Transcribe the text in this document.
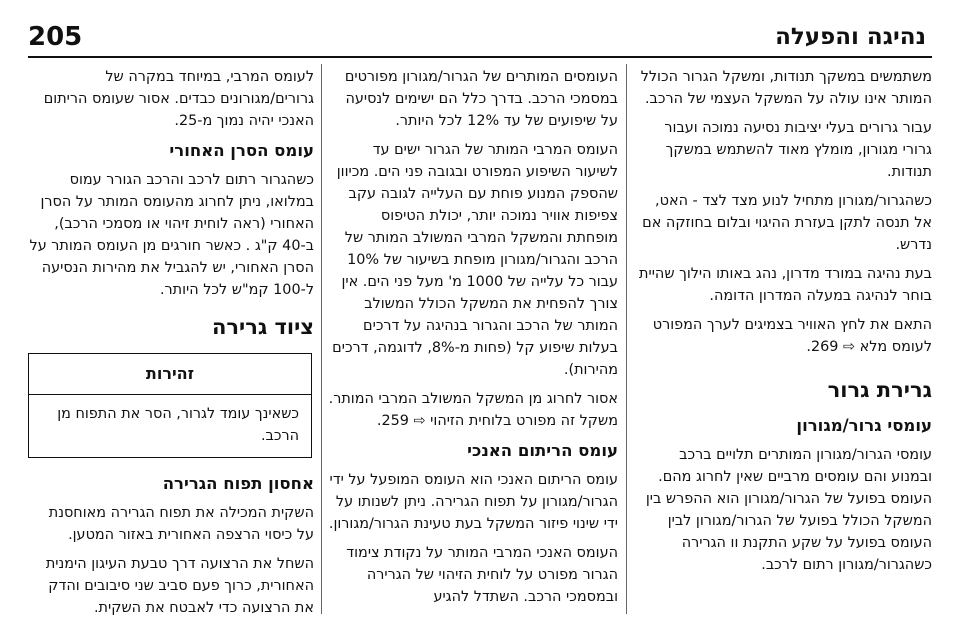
205	נהיגה והפעלה

משתמשים במשקך תנודות, ומשקל הגרור הכולל המותר אינו עולה על המשקל העצמי של הרכב.

עבור גרורים בעלי יציבות נסיעה נמוכה ועבור גרורי מגורון, מומלץ מאוד להשתמש במשקך תנודות.

כשהגרור/מגורון מתחיל לנוע מצד לצד - האט, אל תנסה לתקן בעזרת ההיגוי ובלום בחוזקה אם נדרש.

בעת נהיגה במורד מדרון, נהג באותו הילוך שהיית בוחר לנהיגה במעלה המדרון הדומה.

התאם את לחץ האוויר בצמיגים לערך המפורט לעומס מלא ⇨ 269.

גרירת גרור
עומסי גרור/מגורון

עומסי הגרור/מגורון המותרים תלויים ברכב ובמנוע והם עומסים מרביים שאין לחרוג מהם. העומס בפועל של הגרור/מגורון הוא ההפרש בין המשקל הכולל בפועל של הגרור/מגורון לבין העומס בפועל על שקע התקנת וו הגרירה כשהגרור/מגורון רתום לרכב.

העומסים המותרים של הגרור/מגורון מפורטים במסמכי הרכב. בדרך כלל הם ישימים לנסיעה על שיפועים של עד 12% לכל היותר.

העומס המרבי המותר של הגרור ישים עד לשיעור השיפוע המפורט ובגובה פני הים. מכיוון שהספק המנוע פוחת עם העלייה לגובה עקב צפיפות אוויר נמוכה יותר, יכולת הטיפוס מופחתת והמשקל המרבי המשולב המותר של הרכב והגרור/מגורון מופחת בשיעור של 10% עבור כל עלייה של 1000 מ' מעל פני הים. אין צורך להפחית את המשקל הכולל המשולב המותר של הרכב והגרור בנהיגה על דרכים בעלות שיפוע קל (פחות מ-8%, לדוגמה, דרכים מהירות).

אסור לחרוג מן המשקל המשולב המרבי המותר. משקל זה מפורט בלוחית הזיהוי ⇨ 259.

עומס הריתום האנכי

עומס הריתום האנכי הוא העומס המופעל על ידי הגרור/מגורון על תפוח הגרירה. ניתן לשנותו על ידי שינוי פיזור המשקל בעת טעינת הגרור/מגורון.

העומס האנכי המרבי המותר על נקודת צימוד הגרור מפורט על לוחית הזיהוי של הגרירה ובמסמכי הרכב. השתדל להגיע

לעומס המרבי, במיוחד במקרה של גרורים/מגורונים כבדים. אסור שעומס הריתום האנכי יהיה נמוך מ-25.

עומס הסרן האחורי

כשהגרור רתום לרכב והרכב הגורר עמוס במלואו, ניתן לחרוג מהעומס המותר על הסרן האחורי (ראה לוחית זיהוי או מסמכי הרכב), ב-40 ק"ג . כאשר חורגים מן העומס המותר על הסרן האחורי, יש להגביל את מהירות הנסיעה ל-100 קמ"ש לכל היותר.

ציוד גרירה
זהירות
כשאינך עומד לגרור, הסר את התפוח מן הרכב.
אחסון תפוח הגרירה

השקית המכילה את תפוח הגרירה מאוחסנת על כיסוי הרצפה האחורית באזור המטען.

השחל את הרצועה דרך טבעת העיגון הימנית האחורית, כרוך פעם סביב שני סיבובים והדק את הרצועה כדי לאבטח את השקית.
